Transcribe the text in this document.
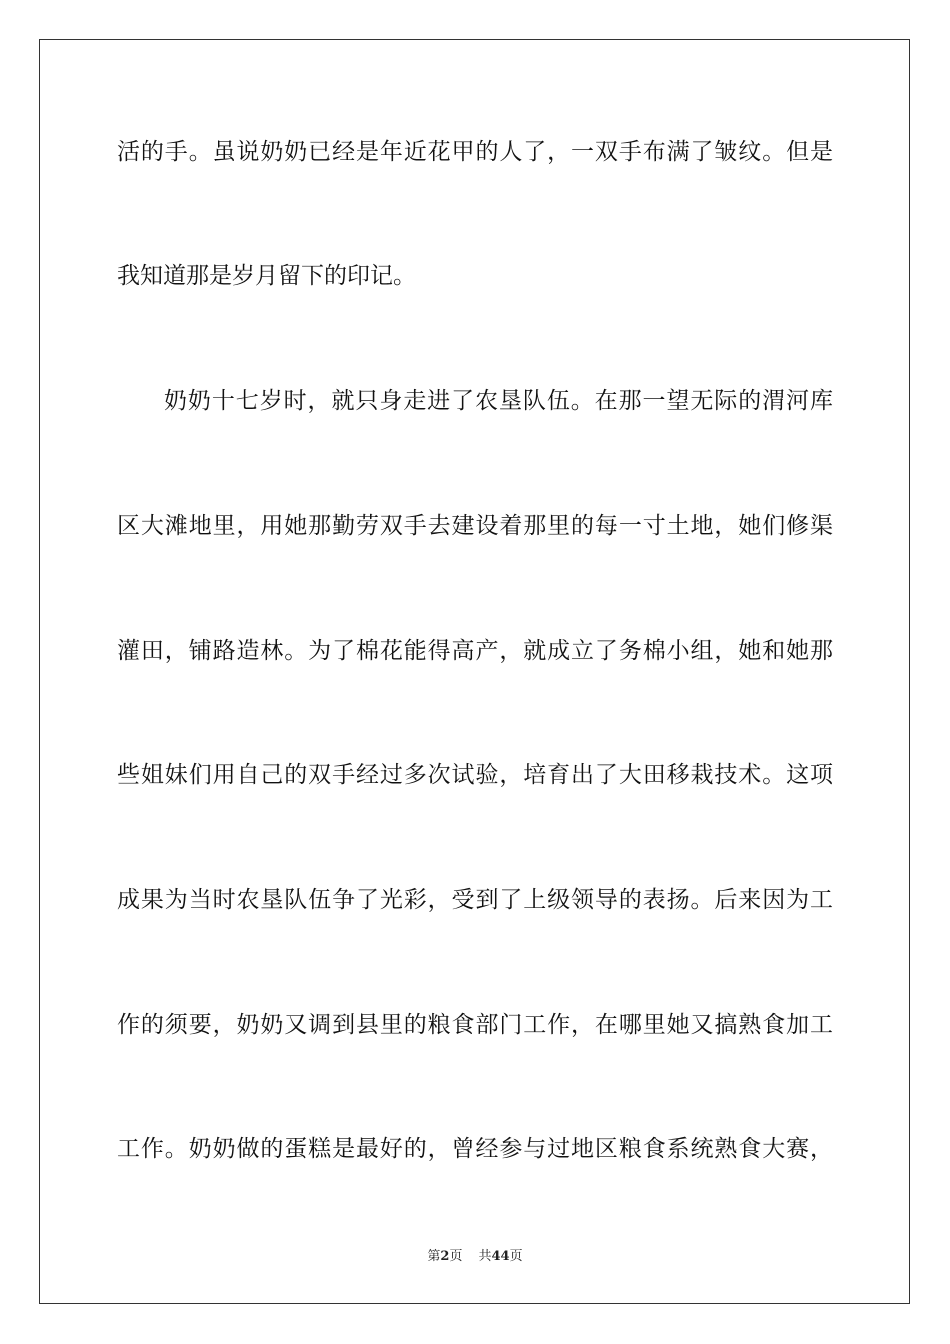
活的手。虽说奶奶已经是年近花甲的人了，一双手布满了皱纹。但是
我知道那是岁月留下的印记。
奶奶十七岁时，就只身走进了农垦队伍。在那一望无际的渭河库
区大滩地里，用她那勤劳双手去建设着那里的每一寸土地，她们修渠
灌田，铺路造林。为了棉花能得高产，就成立了务棉小组，她和她那
些姐妹们用自己的双手经过多次试验，培育出了大田移栽技术。这项
成果为当时农垦队伍争了光彩，受到了上级领导的表扬。后来因为工
作的须要，奶奶又调到县里的粮食部门工作，在哪里她又搞熟食加工
工作。奶奶做的蛋糕是最好的，曾经参与过地区粮食系统熟食大赛，
第2页 共44页
